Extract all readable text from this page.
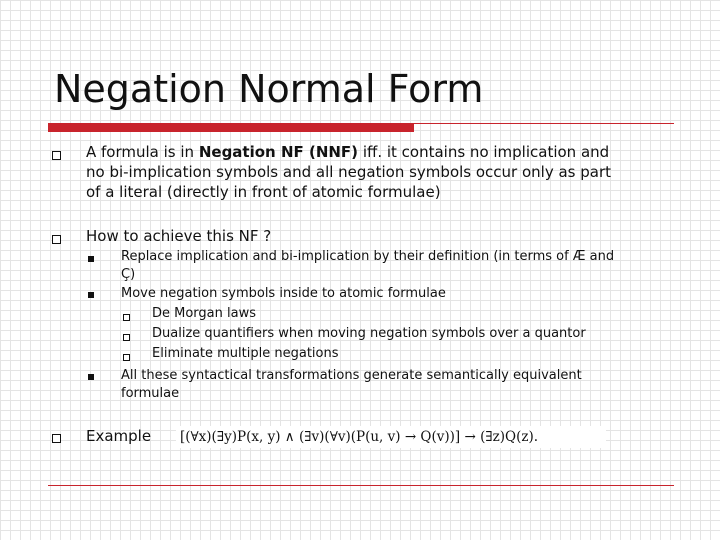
Negation Normal Form

A formula is in Negation NF (NNF) iff. it contains no implication and
no bi-implication symbols and all negation symbols occur only as part
of a literal (directly in front of atomic formulae)

How to achieve this NF ?

Replace implication and bi-implication by their definition (in terms of Æ and
Ç)

Move negation symbols inside to atomic formulae

De Morgan laws

Dualize quantifiers when moving negation symbols over a quantor

Eliminate multiple negations

All these syntactical transformations generate semantically equivalent
formulae

Example [(∀x)(∃y)P(x, y) ∧ (∃v)(∀v)(P(u, v) → Q(v))] → (∃z)Q(z).
